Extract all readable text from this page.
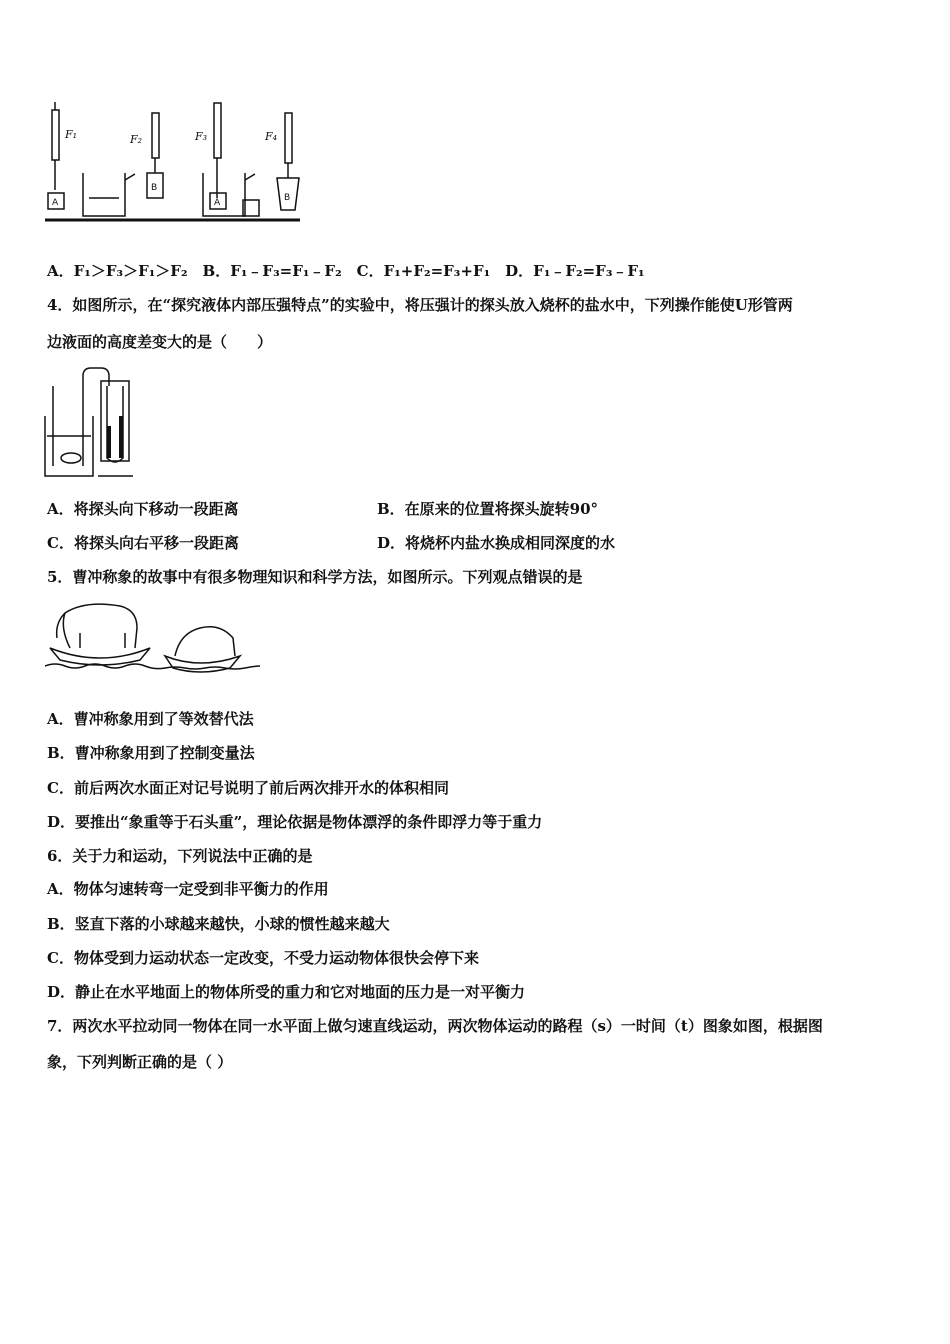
F₁	F₂	F₃	F₄
A
B
A	B
A．F₁＞F₃＞F₁＞F₂　B．F₁﹣F₃=F₁﹣F₂　C．F₁+F₂=F₃+F₁　D．F₁﹣F₂=F₃﹣F₁
4．如图所示，在“探究液体内部压强特点”的实验中，将压强计的探头放入烧杯的盐水中，下列操作能使U形管两
边液面的高度差变大的是（　　）
A．将探头向下移动一段距离	B．在原来的位置将探头旋转90°
C．将探头向右平移一段距离	D．将烧杯内盐水换成相同深度的水
5．曹冲称象的故事中有很多物理知识和科学方法，如图所示。下列观点错误的是
A．曹冲称象用到了等效替代法
B．曹冲称象用到了控制变量法
C．前后两次水面正对记号说明了前后两次排开水的体积相同
D．要推出“象重等于石头重”，理论依据是物体漂浮的条件即浮力等于重力
6．关于力和运动，下列说法中正确的是
A．物体匀速转弯一定受到非平衡力的作用
B．竖直下落的小球越来越快，小球的惯性越来越大
C．物体受到力运动状态一定改变，不受力运动物体很快会停下来
D．静止在水平地面上的物体所受的重力和它对地面的压力是一对平衡力
7．两次水平拉动同一物体在同一水平面上做匀速直线运动，两次物体运动的路程（s）一时间（t）图象如图，根据图
象，下列判断正确的是（ ）
